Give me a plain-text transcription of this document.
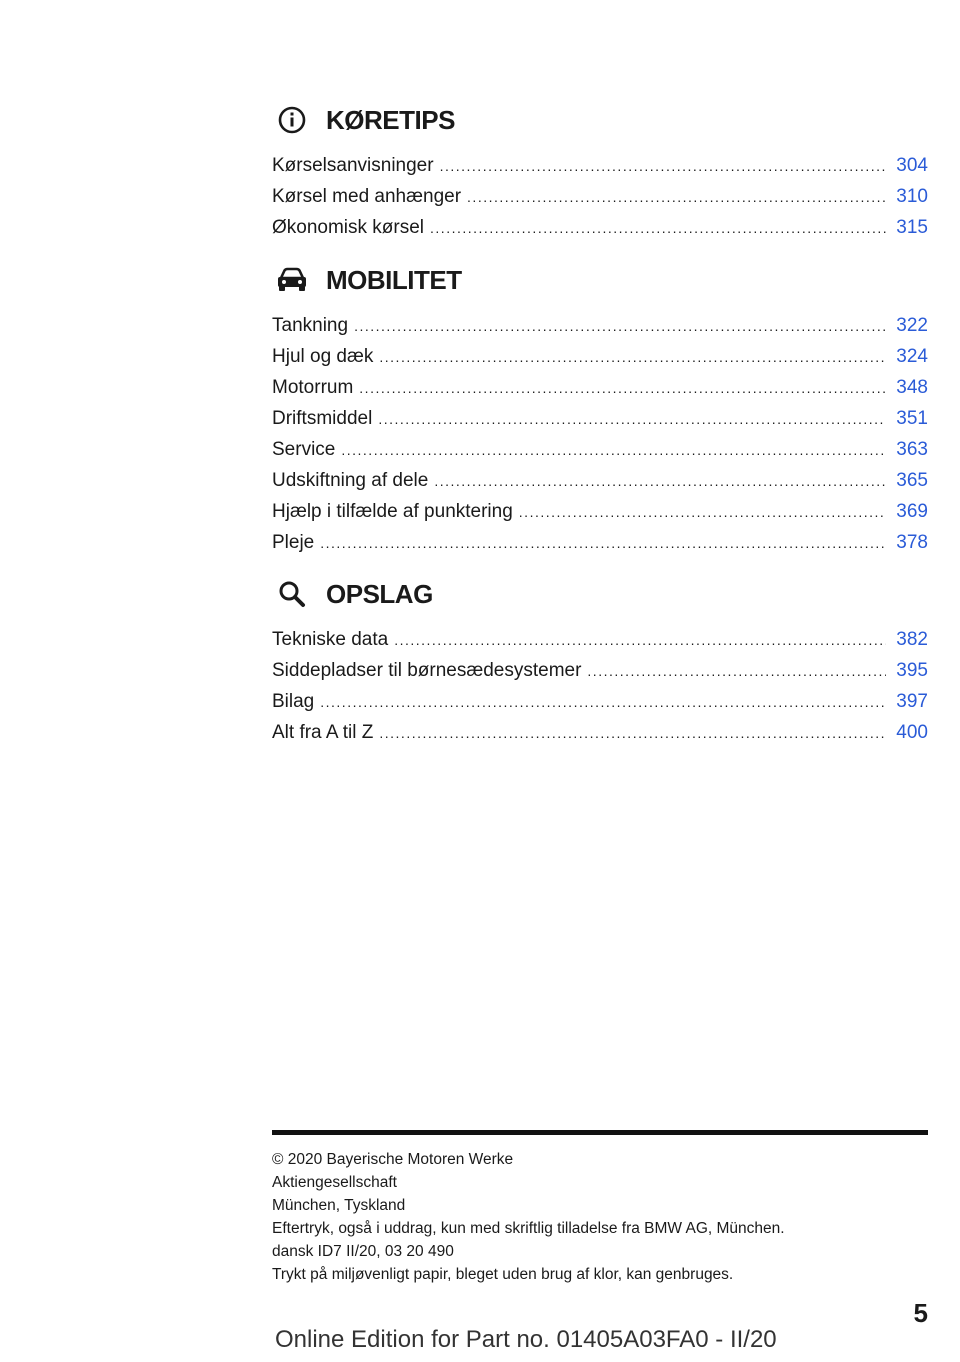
KØRETIPS
Kørselsanvisninger .....	304
Kørsel med anhænger .....	310
Økonomisk kørsel .....	315
MOBILITET
Tankning .....	322
Hjul og dæk .....	324
Motorrum .....	348
Driftsmiddel .....	351
Service .....	363
Udskiftning af dele .....	365
Hjælp i tilfælde af punktering .....	369
Pleje .....	378
OPSLAG
Tekniske data .....	382
Siddepladser til børnesædesystemer .....	395
Bilag .....	397
Alt fra A til Z .....	400
© 2020 Bayerische Motoren Werke
Aktiengesellschaft
München, Tyskland
Eftertryk, også i uddrag, kun med skriftlig tilladelse fra BMW AG, München.
dansk ID7 II/20, 03 20 490
Trykt på miljøvenligt papir, bleget uden brug af klor, kan genbruges.
5
Online Edition for Part no. 01405A03FA0 - II/20
